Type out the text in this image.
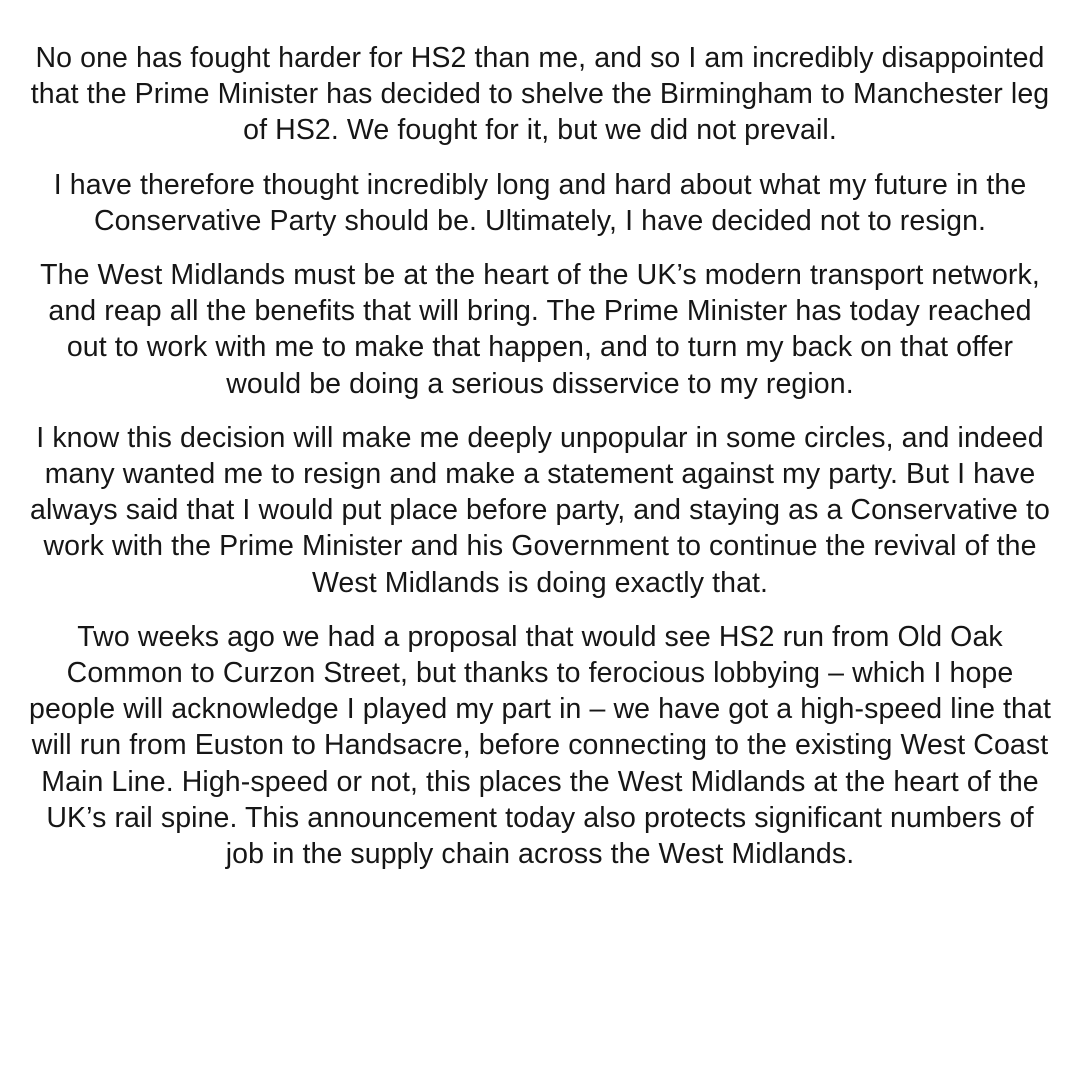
No one has fought harder for HS2 than me, and so I am incredibly disappointed that the Prime Minister has decided to shelve the Birmingham to Manchester leg of HS2. We fought for it, but we did not prevail.

I have therefore thought incredibly long and hard about what my future in the Conservative Party should be. Ultimately, I have decided not to resign.

The West Midlands must be at the heart of the UK’s modern transport network, and reap all the benefits that will bring. The Prime Minister has today reached out to work with me to make that happen, and to turn my back on that offer would be doing a serious disservice to my region.

I know this decision will make me deeply unpopular in some circles, and indeed many wanted me to resign and make a statement against my party. But I have always said that I would put place before party, and staying as a Conservative to work with the Prime Minister and his Government to continue the revival of the West Midlands is doing exactly that.

Two weeks ago we had a proposal that would see HS2 run from Old Oak Common to Curzon Street, but thanks to ferocious lobbying – which I hope people will acknowledge I played my part in – we have got a high-speed line that will run from Euston to Handsacre, before connecting to the existing West Coast Main Line. High-speed or not, this places the West Midlands at the heart of the UK’s rail spine. This announcement today also protects significant numbers of job in the supply chain across the West Midlands.
